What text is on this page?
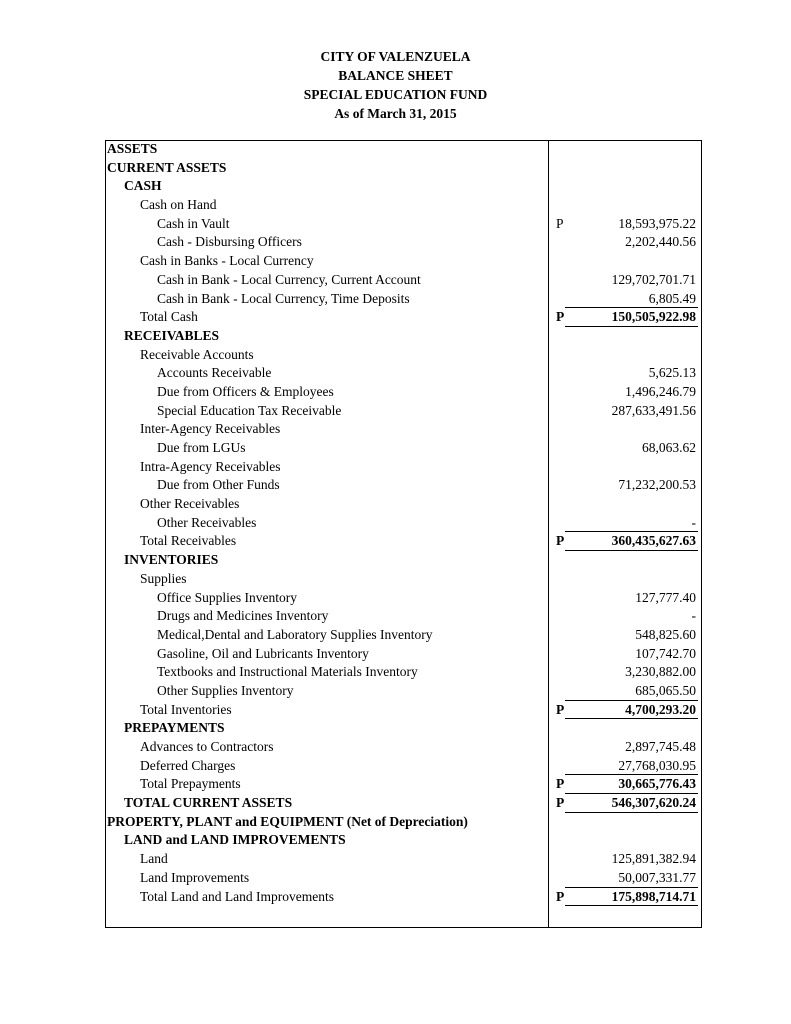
CITY OF VALENZUELA
BALANCE SHEET
SPECIAL EDUCATION FUND
As of March 31, 2015
ASSETS
CURRENT ASSETS
CASH
Cash on Hand
Cash in Vault	P	18,593,975.22
Cash - Disbursing Officers	2,202,440.56
Cash in Banks - Local Currency
Cash in Bank - Local Currency, Current Account	129,702,701.71
Cash in Bank - Local Currency, Time Deposits	6,805.49
Total Cash	P	150,505,922.98
RECEIVABLES
Receivable Accounts
Accounts Receivable	5,625.13
Due from Officers & Employees	1,496,246.79
Special Education Tax Receivable	287,633,491.56
Inter-Agency Receivables
Due from LGUs	68,063.62
Intra-Agency Receivables
Due from Other Funds	71,232,200.53
Other Receivables
Other Receivables	-
Total Receivables	P	360,435,627.63
INVENTORIES
Supplies
Office Supplies Inventory	127,777.40
Drugs and Medicines Inventory	-
Medical,Dental and Laboratory Supplies Inventory	548,825.60
Gasoline, Oil and Lubricants Inventory	107,742.70
Textbooks and Instructional Materials Inventory	3,230,882.00
Other Supplies Inventory	685,065.50
Total Inventories	P	4,700,293.20
PREPAYMENTS
Advances to Contractors	2,897,745.48
Deferred Charges	27,768,030.95
Total Prepayments	P	30,665,776.43
TOTAL CURRENT ASSETS	P	546,307,620.24
PROPERTY, PLANT and EQUIPMENT (Net of Depreciation)
LAND and LAND IMPROVEMENTS
Land	125,891,382.94
Land Improvements	50,007,331.77
Total Land and Land Improvements	P	175,898,714.71
